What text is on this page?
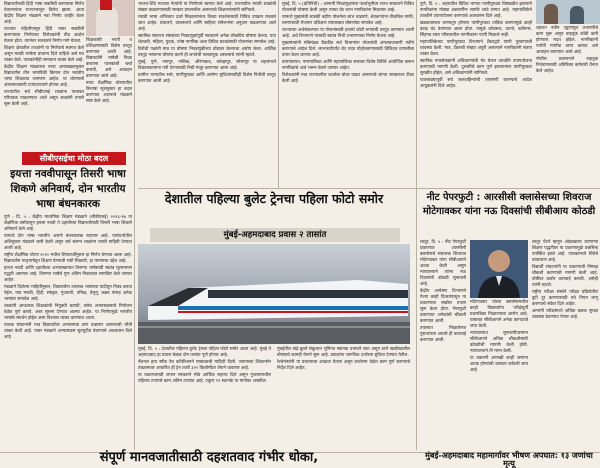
विद्यार्थ्यांसाठी हिंदी भाषा सक्तीची करण्याचा निर्णय घेतल्यानंतर राज्यभरातून विरोध झाला. आता केंद्रीय शिक्षण मंडळाने नवा निर्णय जाहीर केला आहे.

राज्यात पहिलीपासून हिंदी भाषा सक्तीची करण्याच्या निर्णयावर विरोधकांनी तीव्र आक्षेप घेतला होता. त्यानंतर सरकारने निर्णय मागे घेतला.

शिक्षण क्षेत्रातील तज्ज्ञांनी या निर्णयाचे स्वागत केले असून मराठी भाषेला प्राधान्य दिले पाहिजे असे मत व्यक्त केले. पालकांनीही समाधान व्यक्त केले आहे.

केंद्रीय शिक्षण मंडळाच्या नव्या आराखड्यानुसार विद्यार्थ्यांना तीन भाषांपैकी किमान दोन भारतीय भाषा शिकाव्या लागणार आहेत. या धोरणाची अंमलबजावणी टप्प्याटप्प्याने होणार आहे.

राज्यातील सर्व सीबीएसई शाळांना याबाबत परिपत्रक पाठवण्यात आले असून शाळांनी तयारी सुरू केली आहे.

शिक्षकांची भरती व प्रशिक्षणासाठी विशेष तरतूद करण्यात आली आहे. विद्यार्थ्यांनी भाषेची निवड करताना पालकांशी चर्चा करावी, असे आवाहन करण्यात आले आहे.

नव्या शैक्षणिक धोरणातील त्रिभाषा सूत्रानुसार हा बदल करण्यात आल्याचे मंडळाने स्पष्ट केले आहे.

सीबीएसईचा मोठा बदल
इयत्ता नववीपासून तिसरी भाषा शिकणे अनिवार्य, दोन भारतीय भाषा बंधनकारक

पुणे : दि. ५ : केंद्रीय माध्यमिक शिक्षण मंडळाने (सीबीएसई) २०२६-२७ या शैक्षणिक वर्षापासून इयत्ता नववी ते दहावीच्या विद्यार्थ्यांसाठी तिसरी भाषा शिकणे अनिवार्य केले आहे.

यामध्ये दोन भाषा भारतीय असणे बंधनकारक राहणार आहे. यासंदर्भातील अधिसूचना मंडळाने जारी केली असून सर्व संलग्न शाळांना त्याची माहिती देण्यात आली आहे.

राष्ट्रीय शैक्षणिक धोरण २०२० मधील शिफारशींनुसार हा निर्णय घेण्यात आला आहे. विद्यार्थ्यांना मातृभाषेतून शिक्षण घेण्याची संधी मिळावी, हा यामागचा उद्देश आहे.

इयत्ता नववी आणि दहावीच्या अभ्यासक्रमात तिसऱ्या भाषेसाठी स्वतंत्र मूल्यमापन पद्धती असणार आहे. तिसऱ्या भाषेचे गुण अंतिम निकालात समाविष्ट केले जाणार आहेत.

मंडळाने दिलेल्या माहितीनुसार, विद्यार्थ्यांना उपलब्ध भाषांच्या यादीतून निवड करता येईल. यात मराठी, हिंदी, संस्कृत, गुजराती, तमिळ, तेलुगू, कन्नड यांसह अनेक भाषांचा समावेश आहे.

शाळांनी आवश्यक शिक्षकांची नियुक्ती करावी, तसेच अभ्यासक्रमाचे नियोजन वेळेत पूर्ण करावे, अशा सूचना देण्यात आल्या आहेत. या निर्णयामुळे भारतीय भाषांचे संवर्धन होईल असा विश्वास व्यक्त करण्यात आला.

पालक संघटनांनी मात्र विद्यार्थ्यांवर अभ्यासाचा ताण वाढणार असल्याची भीती व्यक्त केली आहे. यावर मंडळाने अभ्यासक्रम सुटसुटीत ठेवण्याचे आश्वासन दिले आहे.

भाजप-शिंदे गटाच्या नेत्यांनी या निर्णयाचे स्वागत केले आहे. राज्यातील मराठी शाळांची संख्या वाढवण्यासाठी सरकार प्रयत्नशील असल्याचे शिक्षणमंत्र्यांनी सांगितले.

मराठी भाषा अभिजात दर्जा मिळाल्यानंतर तिच्या संवर्धनासाठी विविध उपक्रम राबवले जात आहेत. ग्रंथालये, वाचनालये आणि साहित्य संमेलनांना अनुदान वाढवण्यात आले आहे.

स्थानिक स्वराज्य संस्थांच्या निवडणुकांपूर्वी सरकारने अनेक लोकप्रिय घोषणा केल्या. यात शेतकरी, महिला, युवक, ज्येष्ठ नागरिक अशा विविध घटकांसाठी योजनांचा समावेश आहे.

विरोधी पक्षांनी मात्र या घोषणा निवडणुकीच्या तोंडावर केल्याचा आरोप केला. आर्थिक तरतूद नसताना घोषणा करणे ही जनतेची फसवणूक असल्याचे त्यांनी म्हटले.

मुंबई, पुणे, नागपूर, नाशिक, औरंगाबाद, कोल्हापूर, सोलापूर या शहरांमध्ये विकासकामांना गती देण्यासाठी निधी मंजूर करण्यात आला आहे.

ग्रामीण भागातील रस्ते, पाणीपुरवठा आणि आरोग्य सुविधांसाठीही विशेष निधीची तरतूद करण्यात आली आहे.

देशातील पहिल्या बुलेट ट्रेनचा पहिला फोटो समोर
मुंबई-अहमदाबाद प्रवास २ तासांत

मुंबई, दि. ५ : देशातील पहिल्या बुलेट ट्रेनचा पहिला फोटो समोर आला आहे. मुंबई ते अहमदाबाद हा प्रवास केवळ दोन तासांत पूर्ण होणार आहे.

नॅशनल हाय स्पीड रेल कॉर्पोरेशनने याबाबतची माहिती दिली. जपानच्या शिंकान्सेन तंत्रज्ञानावर आधारित ही ट्रेन ताशी ३२० किलोमीटर वेगाने धावणार आहे.

या प्रकल्पासाठी जपान सरकारने मोठे आर्थिक सहाय्य दिले असून गुजरातमधील पहिल्या टप्प्याचे काम अंतिम टप्प्यात आहे. एकूण १२ स्थानके या मार्गावर असतील.

मुंबईतील वांद्रे-कुर्ला संकुलात भूमिगत स्थानक उभारले जात असून ठाणे खाडीखालील बोगद्याचे कामही वेगाने सुरू आहे. प्रवाशांना जागतिक दर्जाच्या सुविधा देण्यात येतील.

रेल्वेमंत्र्यांनी या प्रकल्पाचा आढावा घेतला असून ठरलेल्या वेळेत काम पूर्ण करण्याचे निर्देश दिले आहेत.

मुंबई, दि. ५ (प्रतिनिधी) : आगामी निवडणुकांच्या पार्श्वभूमीवर राज्य सरकारने विविध योजनांची घोषणा केली असून त्याचा थेट लाभ नागरिकांना मिळणार आहे.

यामध्ये मुख्यमंत्री लाडकी बहीण योजनेचा लाभ वाढवणे, शेतकऱ्यांना वीजबिल माफी, तरुणांसाठी रोजगार प्रशिक्षण यांसारख्या घोषणांचा समावेश आहे.

राज्याच्या अर्थसंकल्पात या योजनांसाठी हजारो कोटी रुपयांची तरतूद करण्यात आली आहे. अर्थ विभागाने यासाठी स्वतंत्र निधी उभारण्याचा निर्णय घेतला आहे.

मुख्यमंत्र्यांनी मंत्रिमंडळ बैठकीत सर्व विभागांना योजनांची अंमलबजावणी गतीने करण्याचे आदेश दिले. लाभार्थ्यांपर्यंत थेट मदत पोहोचवण्यासाठी डिजिटल प्रणालीचा वापर केला जाणार आहे.

ग्रामपंचायत, नगरपालिका आणि महापालिका स्तरावर विशेष शिबिरे आयोजित करून नागरिकांचे अर्ज भरून घेतले जाणार आहेत.

विरोधकांनी मात्र राज्यावरील कर्जाचा बोजा वाढत असल्याचे सांगत सरकारवर टीका केली आहे.

पुणे, दि. ५ : शहरातील विविध भागात पाणीपुरवठा विस्कळीत झाल्याने नागरिकांना मोठ्या अडचणींना सामोरे जावे लागत आहे. महापालिकेने तातडीने उपाययोजना करण्याचे आश्वासन दिले आहे.

खडकवासला धरणातून होणारा पाणीपुरवठा तांत्रिक कारणामुळे काही काळ बंद ठेवण्यात आला होता. यामुळे कोथरूड, वारजे, कर्वेनगर, सिंहगड रस्ता परिसरातील नागरिकांना पाणी मिळाले नाही.

महापालिकेच्या पाणीपुरवठा विभागाने टँकरद्वारे पाणी पुरवण्याची व्यवस्था केली. मात्र, टँकरची संख्या अपुरी असल्याने नागरिकांनी संताप व्यक्त केला.

स्थानिक नगरसेवकांनी अधिकाऱ्यांची भेट घेऊन तातडीने उपाययोजना करण्याची मागणी केली. दुरुस्तीचे काम पूर्ण झाल्यानंतर पाणीपुरवठा सुरळीत होईल, असे अधिकाऱ्यांनी सांगितले.

पावसाळ्यापूर्वी सर्व जलवाहिन्यांची तपासणी करण्याचे आदेश आयुक्तांनी दिले आहेत.

शहरात नवीन उड्डाणपूल उभारणीचे काम सुरू असून वाहतूक कोंडी कमी होण्यास मदत होईल. नागरिकांनी पर्यायी मार्गांचा वापर करावा असे आवाहन करण्यात आले आहे.

पोलीस प्रशासनाने वाहतूक नियंत्रणासाठी अतिरिक्त कर्मचारी तैनात केले आहेत.

नीट पेपरफुटी : आरसीसी क्लासेसच्या शिवराज मोटेगावकर यांना नऊ दिवसांची सीबीआय कोठडी

लातूर, दि. ५ : नीट पेपरफुटी प्रकरणात आरसीसी क्लासेसचे संचालक शिवराज मोटेगावकर यांना सीबीआयने अटक केली असून न्यायालयाने त्यांना नऊ दिवसांची कोठडी सुनावली आहे.

केंद्रीय अन्वेषण विभागाने गेल्या काही दिवसांपासून या प्रकरणाचा सखोल तपास सुरू केला होता. पेपरफुटी प्रकरणात अनेकांची चौकशी करण्यात आली.

तपासात मिळालेल्या पुराव्यांच्या आधारे ही कारवाई करण्यात आली.

मोटेगावकर यांच्या क्लासेसमधील काही विद्यार्थ्यांना परीक्षेपूर्वी प्रश्नपत्रिका मिळाल्याचा आरोप आहे. याबाबत सीबीआयने अनेक कागदपत्रे जप्त केली.

न्यायालयात सुनावणीदरम्यान सीबीआयने अधिक चौकशीसाठी कोठडीची मागणी केली होती. न्यायालयाने ती मान्य केली.

या प्रकरणी आणखी काही जणांना अटक होण्याची शक्यता वर्तवली जात आहे.

लातूर पॅटर्न म्हणून ओळखल्या जाणाऱ्या शिक्षण पद्धतीवर या प्रकरणामुळे प्रश्नचिन्ह उपस्थित झाले आहे. पालकांमध्ये चिंतेचे वातावरण आहे.

विद्यार्थी संघटनांनी या प्रकरणाची निष्पक्ष चौकशी करण्याची मागणी केली आहे. दोषींवर कठोर कारवाई करावी, असेही त्यांनी म्हटले.

राष्ट्रीय परीक्षा संस्थेने परीक्षा प्रक्रियेतील त्रुटी दूर करण्यासाठी नवे नियम लागू करण्याचे संकेत दिले आहेत.

आगामी परीक्षांमध्ये अधिक कडक सुरक्षा व्यवस्था ठेवण्यात येणार आहे.

संपूर्ण मानवजातीसाठी दहशतवाद गंभीर धोका,	मुंबई-अहमदाबाद महामार्गावर भीषण अपघात: १३ जणांचा मृत्यू
